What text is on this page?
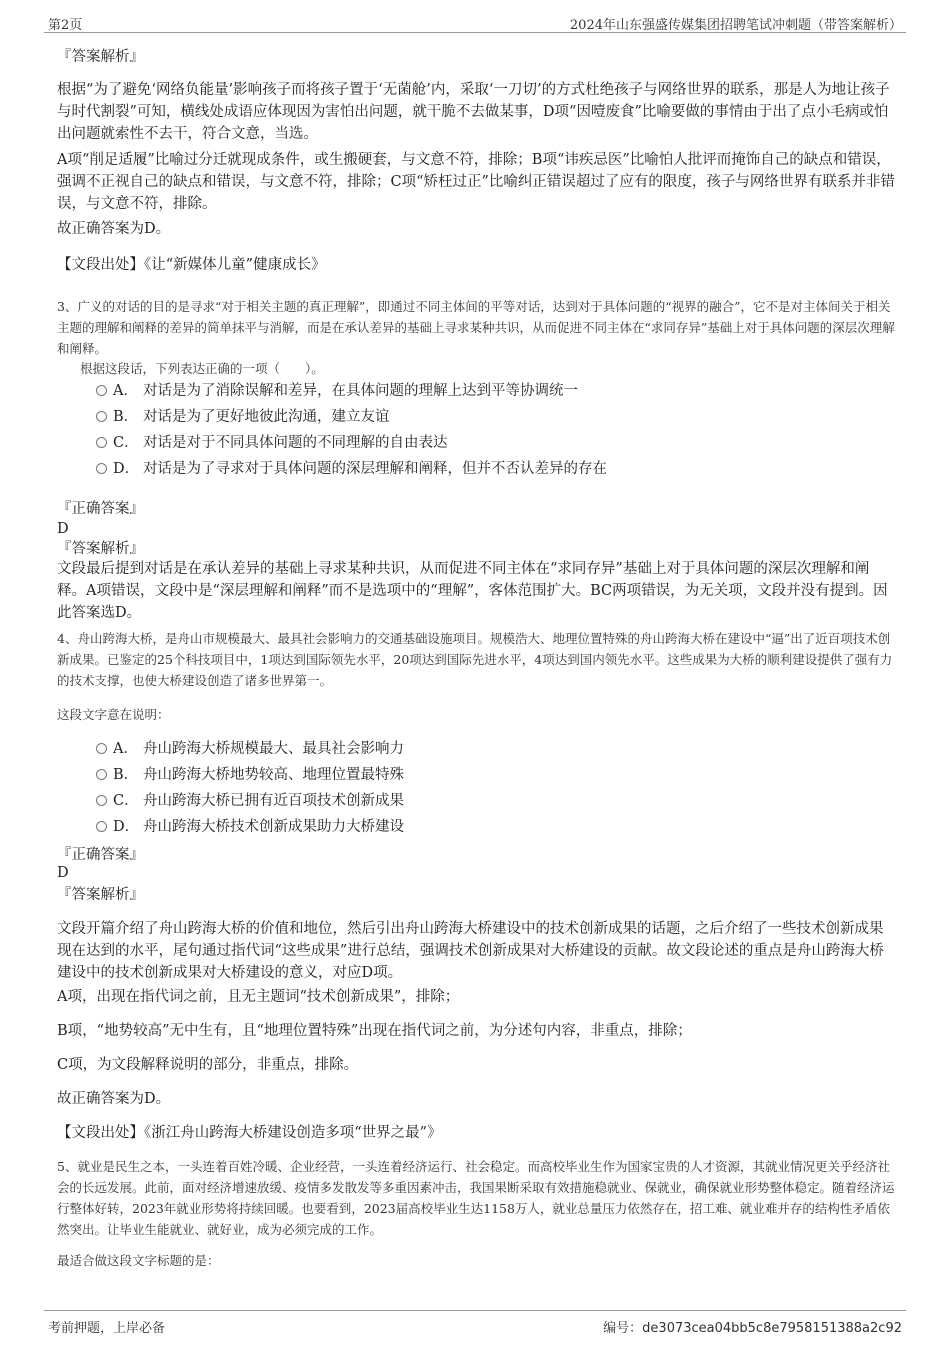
第2页	2024年山东强盛传媒集团招聘笔试冲刺题（带答案解析）
『答案解析』
根据“为了避免‘网络负能量’影响孩子而将孩子置于‘无菌舱’内，采取‘一刀切’的方式杜绝孩子与网络世界的联系，那是人为地让孩子与时代割裂”可知，横线处成语应体现因为害怕出问题，就干脆不去做某事，D项“因噎废食”比喻要做的事情由于出了点小毛病或怕出问题就索性不去干，符合文意，当选。
A项“削足适履”比喻过分迁就现成条件，或生搬硬套，与文意不符，排除；B项“讳疾忌医”比喻怕人批评而掩饰自己的缺点和错误，强调不正视自己的缺点和错误，与文意不符，排除；C项“矫枉过正”比喻纠正错误超过了应有的限度，孩子与网络世界有联系并非错误，与文意不符，排除。
故正确答案为D。
【文段出处】《让“新媒体儿童”健康成长》
3、广义的对话的目的是寻求“对于相关主题的真正理解”，即通过不同主体间的平等对话，达到对于具体问题的“视界的融合”，它不是对主体间关于相关主题的理解和阐释的差异的简单抹平与消解，而是在承认差异的基础上寻求某种共识，从而促进不同主体在“求同存异”基础上对于具体问题的深层次理解和阐释。
根据这段话，下列表达正确的一项（　　）。
A． 对话是为了消除误解和差异，在具体问题的理解上达到平等协调统一
B． 对话是为了更好地彼此沟通，建立友谊
C． 对话是对于不同具体问题的不同理解的自由表达
D． 对话是为了寻求对于具体问题的深层理解和阐释，但并不否认差异的存在
『正确答案』
D
『答案解析』
文段最后提到对话是在承认差异的基础上寻求某种共识，从而促进不同主体在“求同存异”基础上对于具体问题的深层次理解和阐释。A项错误，文段中是“深层理解和阐释”而不是选项中的“理解”，客体范围扩大。BC两项错误，为无关项，文段并没有提到。因此答案选D。
4、舟山跨海大桥，是舟山市规模最大、最具社会影响力的交通基础设施项目。规模浩大、地理位置特殊的舟山跨海大桥在建设中“逼”出了近百项技术创新成果。已鉴定的25个科技项目中，1项达到国际领先水平，20项达到国际先进水平，4项达到国内领先水平。这些成果为大桥的顺利建设提供了强有力的技术支撑，也使大桥建设创造了诸多世界第一。
这段文字意在说明：
A． 舟山跨海大桥规模最大、最具社会影响力
B． 舟山跨海大桥地势较高、地理位置最特殊
C． 舟山跨海大桥已拥有近百项技术创新成果
D． 舟山跨海大桥技术创新成果助力大桥建设
『正确答案』
D
『答案解析』
文段开篇介绍了舟山跨海大桥的价值和地位，然后引出舟山跨海大桥建设中的技术创新成果的话题，之后介绍了一些技术创新成果现在达到的水平，尾句通过指代词“这些成果”进行总结，强调技术创新成果对大桥建设的贡献。故文段论述的重点是舟山跨海大桥建设中的技术创新成果对大桥建设的意义，对应D项。
A项，出现在指代词之前，且无主题词“技术创新成果”，排除；
B项，“地势较高”无中生有，且“地理位置特殊”出现在指代词之前，为分述句内容，非重点，排除；
C项，为文段解释说明的部分，非重点，排除。
故正确答案为D。
【文段出处】《浙江舟山跨海大桥建设创造多项“世界之最”》
5、就业是民生之本，一头连着百姓冷暖、企业经营，一头连着经济运行、社会稳定。而高校毕业生作为国家宝贵的人才资源，其就业情况更关乎经济社会的长远发展。此前，面对经济增速放缓、疫情多发散发等多重因素冲击，我国果断采取有效措施稳就业、保就业，确保就业形势整体稳定。随着经济运行整体好转，2023年就业形势将持续回暖。也要看到，2023届高校毕业生达1158万人，就业总量压力依然存在，招工难、就业难并存的结构性矛盾依然突出。让毕业生能就业、就好业，成为必须完成的工作。
最适合做这段文字标题的是：
考前押题，上岸必备	编号：de3073cea04bb5c8e7958151388a2c92
